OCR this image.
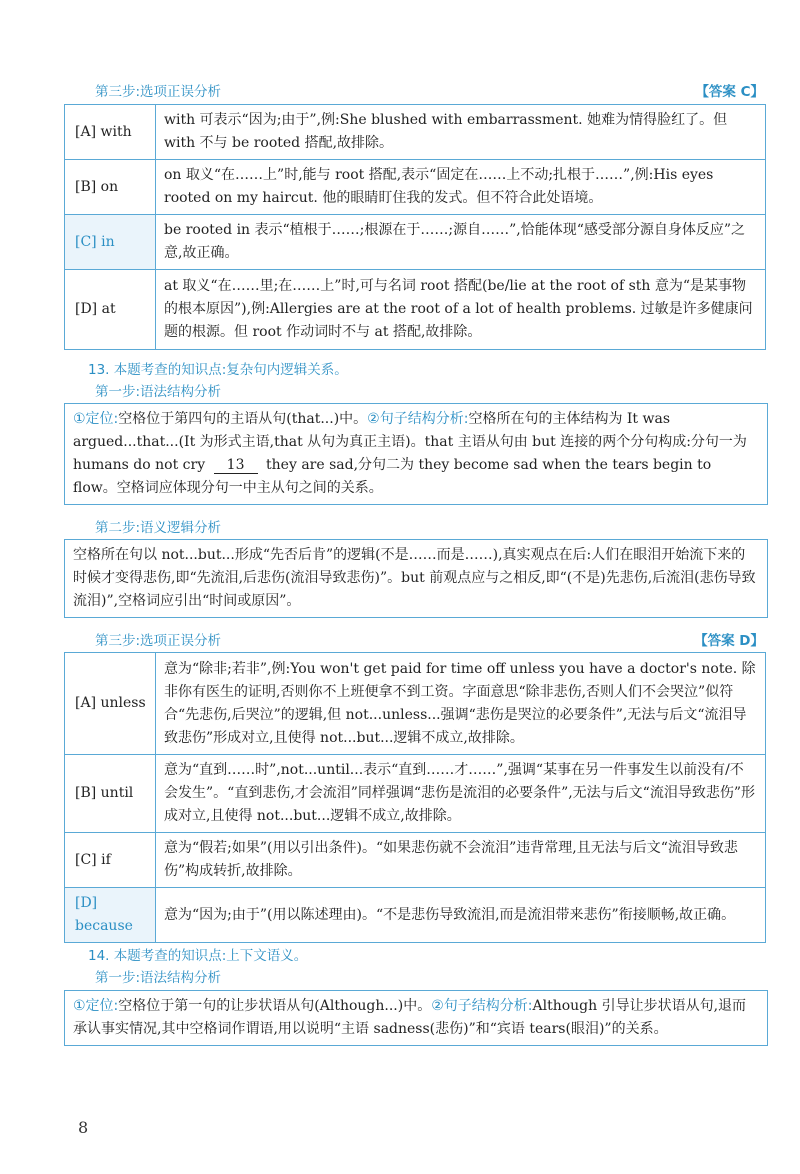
第三步:选项正误分析	【答案 C】
[A] with	with 可表示“因为;由于”,例:She blushed with embarrassment. 她难为情得脸红了。但 with 不与 be rooted 搭配,故排除。
[B] on	on 取义“在……上”时,能与 root 搭配,表示“固定在……上不动;扎根于……”,例:His eyes rooted on my haircut. 他的眼睛盯住我的发式。但不符合此处语境。
[C] in	be rooted in 表示“植根于……;根源在于……;源自……”,恰能体现“感受部分源自身体反应”之意,故正确。
[D] at	at 取义“在……里;在……上”时,可与名词 root 搭配(be/lie at the root of sth 意为“是某事物的根本原因”),例:Allergies are at the root of a lot of health problems. 过敏是许多健康问题的根源。但 root 作动词时不与 at 搭配,故排除。
13. 本题考查的知识点:复杂句内逻辑关系。
第一步:语法结构分析
①定位:空格位于第四句的主语从句(that...)中。②句子结构分析:空格所在句的主体结构为 It was argued...that...(It 为形式主语,that 从句为真正主语)。that 主语从句由 but 连接的两个分句构成:分句一为 humans do not cry 13 they are sad,分句二为 they become sad when the tears begin to flow。空格词应体现分句一中主从句之间的关系。
第二步:语义逻辑分析
空格所在句以 not...but...形成“先否后肯”的逻辑(不是……而是……),真实观点在后:人们在眼泪开始流下来的时候才变得悲伤,即“先流泪,后悲伤(流泪导致悲伤)”。but 前观点应与之相反,即“(不是)先悲伤,后流泪(悲伤导致流泪)”,空格词应引出“时间或原因”。
第三步:选项正误分析	【答案 D】
[A] unless	意为“除非;若非”,例:You won't get paid for time off unless you have a doctor's note. 除非你有医生的证明,否则你不上班便拿不到工资。字面意思“除非悲伤,否则人们不会哭泣”似符合“先悲伤,后哭泣”的逻辑,但 not...unless...强调“悲伤是哭泣的必要条件”,无法与后文“流泪导致悲伤”形成对立,且使得 not...but...逻辑不成立,故排除。
[B] until	意为“直到……时”,not...until...表示“直到……才……”,强调“某事在另一件事发生以前没有/不会发生”。“直到悲伤,才会流泪”同样强调“悲伤是流泪的必要条件”,无法与后文“流泪导致悲伤”形成对立,且使得 not...but...逻辑不成立,故排除。
[C] if	意为“假若;如果”(用以引出条件)。“如果悲伤就不会流泪”违背常理,且无法与后文“流泪导致悲伤”构成转折,故排除。
[D] because	意为“因为;由于”(用以陈述理由)。“不是悲伤导致流泪,而是流泪带来悲伤”衔接顺畅,故正确。
14. 本题考查的知识点:上下文语义。
第一步:语法结构分析
①定位:空格位于第一句的让步状语从句(Although...)中。②句子结构分析:Although 引导让步状语从句,退而承认事实情况,其中空格词作谓语,用以说明“主语 sadness(悲伤)”和“宾语 tears(眼泪)”的关系。
8
